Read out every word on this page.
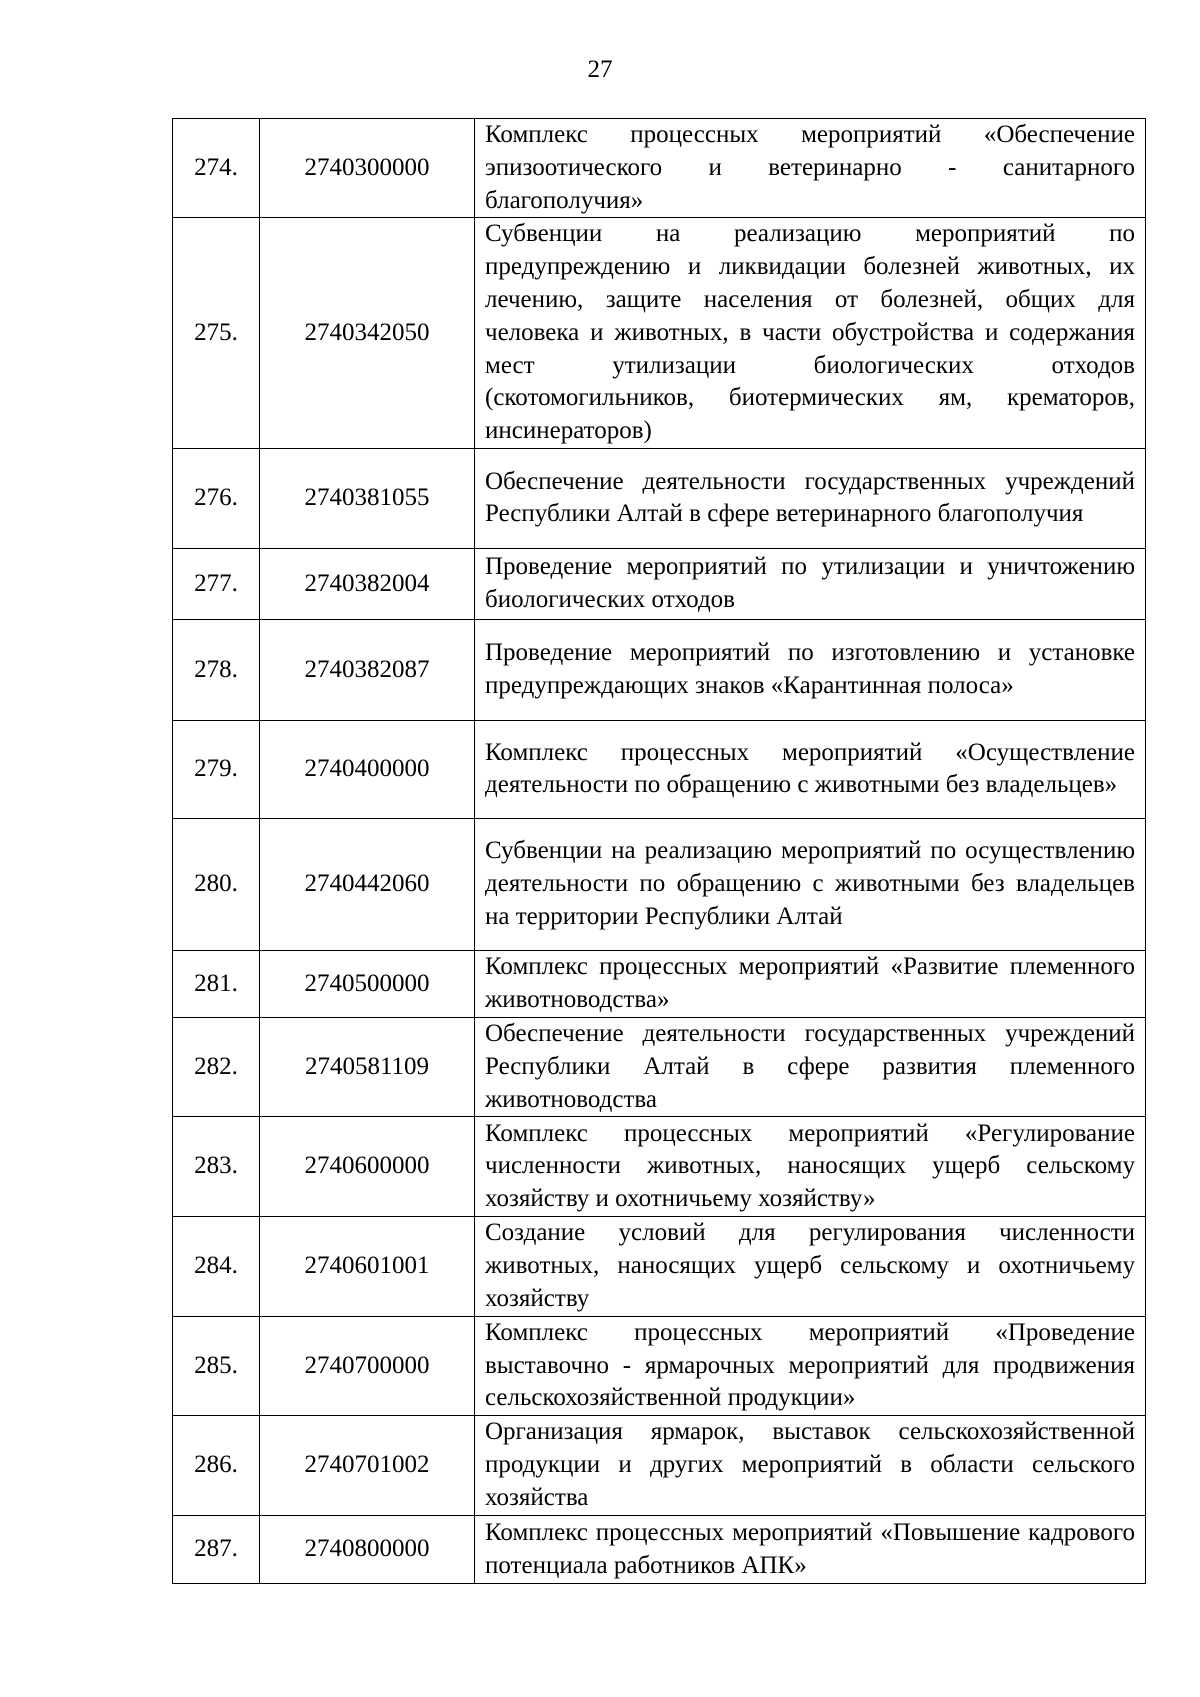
27
274.	2740300000	Комплекс процессных мероприятий «Обеспечение эпизоотического и ветеринарно - санитарного благополучия»
275.	2740342050	Субвенции на реализацию мероприятий по предупреждению и ликвидации болезней животных, их лечению, защите населения от болезней, общих для человека и животных, в части обустройства и содержания мест утилизации биологических отходов (скотомогильников, биотермических ям, крематоров, инсинераторов)
276.	2740381055	Обеспечение деятельности государственных учреждений Республики Алтай в сфере ветеринарного благополучия
277.	2740382004	Проведение мероприятий по утилизации и уничтожению биологических отходов
278.	2740382087	Проведение мероприятий по изготовлению и установке предупреждающих знаков «Карантинная полоса»
279.	2740400000	Комплекс процессных мероприятий «Осуществление деятельности по обращению с животными без владельцев»
280.	2740442060	Субвенции на реализацию мероприятий по осуществлению деятельности по обращению с животными без владельцев на территории Республики Алтай
281.	2740500000	Комплекс процессных мероприятий «Развитие племенного животноводства»
282.	2740581109	Обеспечение деятельности государственных учреждений Республики Алтай в сфере развития племенного животноводства
283.	2740600000	Комплекс процессных мероприятий «Регулирование численности животных, наносящих ущерб сельскому хозяйству и охотничьему хозяйству»
284.	2740601001	Создание условий для регулирования численности животных, наносящих ущерб сельскому и охотничьему хозяйству
285.	2740700000	Комплекс процессных мероприятий «Проведение выставочно - ярмарочных мероприятий для продвижения сельскохозяйственной продукции»
286.	2740701002	Организация ярмарок, выставок сельскохозяйственной продукции и других мероприятий в области сельского хозяйства
287.	2740800000	Комплекс процессных мероприятий «Повышение кадрового потенциала работников АПК»
